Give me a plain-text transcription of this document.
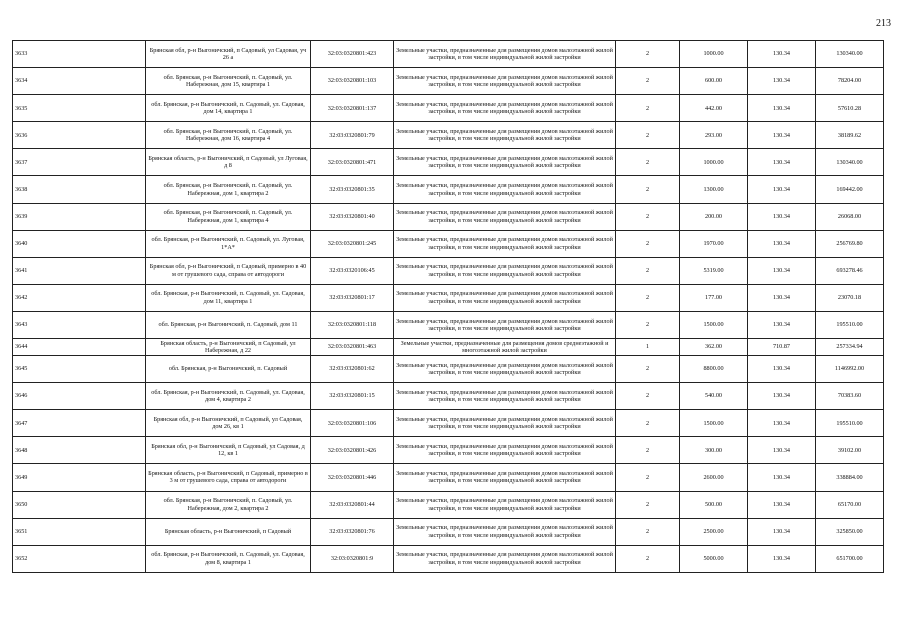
213
3633	Брянская обл, р-н Выгоничский, п Садовый, ул Садовая, уч 26 а	32:03:0320801:423	Земельные участки, предназначенные для размещения домов малоэтажной жилой застройки, в том числе индивидуальной жилой застройки	2	1000.00	130.34	130340.00
3634	обл. Брянская, р-н Выгоничский, п. Садовый, ул. Набережная, дом 15, квартира 1	32:03:0320801:103	Земельные участки, предназначенные для размещения домов малоэтажной жилой застройки, в том числе индивидуальной жилой застройки	2	600.00	130.34	78204.00
3635	обл. Брянская, р-н Выгоничский, п. Садовый, ул. Садовая, дом 14, квартира 1	32:03:0320801:137	Земельные участки, предназначенные для размещения домов малоэтажной жилой застройки, в том числе индивидуальной жилой застройки	2	442.00	130.34	57610.28
3636	обл. Брянская, р-н Выгоничский, п. Садовый, ул. Набережная, дом 16, квартира 4	32:03:0320801:79	Земельные участки, предназначенные для размещения домов малоэтажной жилой застройки, в том числе индивидуальной жилой застройки	2	293.00	130.34	38189.62
3637	Брянская область, р-н Выгоничский, п Садовый, ул Луговая, д 8	32:03:0320801:471	Земельные участки, предназначенные для размещения домов малоэтажной жилой застройки, в том числе индивидуальной жилой застройки	2	1000.00	130.34	130340.00
3638	обл. Брянская, р-н Выгоничский, п. Садовый, ул. Набережная, дом 1, квартира 2	32:03:0320801:35	Земельные участки, предназначенные для размещения домов малоэтажной жилой застройки, в том числе индивидуальной жилой застройки	2	1300.00	130.34	169442.00
3639	обл. Брянская, р-н Выгоничский, п. Садовый, ул. Набережная, дом 1, квартира 4	32:03:0320801:40	Земельные участки, предназначенные для размещения домов малоэтажной жилой застройки, в том числе индивидуальной жилой застройки	2	200.00	130.34	26068.00
3640	обл. Брянская, р-н Выгоничский, п. Садовый, ул. Луговая, 1*А*	32:03:0320801:245	Земельные участки, предназначенные для размещения домов малоэтажной жилой застройки, в том числе индивидуальной жилой застройки	2	1970.00	130.34	256769.80
3641	Брянская обл, р-н Выгоничский, п Садовый, примерно в 40 м от грушевого сада, справа от автодороги	32:03:0320106:45	Земельные участки, предназначенные для размещения домов малоэтажной жилой застройки, в том числе индивидуальной жилой застройки	2	5319.00	130.34	693278.46
3642	обл. Брянская, р-н Выгоничский, п. Садовый, ул. Садовая, дом 11, квартира 1	32:03:0320801:17	Земельные участки, предназначенные для размещения домов малоэтажной жилой застройки, в том числе индивидуальной жилой застройки	2	177.00	130.34	23070.18
3643	обл. Брянская, р-н Выгоничский, п. Садовый, дом 11	32:03:0320801:118	Земельные участки, предназначенные для размещения домов малоэтажной жилой застройки, в том числе индивидуальной жилой застройки	2	1500.00	130.34	195510.00
3644	Брянская область, р-н Выгоничский, п Садовый, ул Набережная, д 22	32:03:0320801:463	Земельные участки, предназначенные для размещения домов среднеэтажной и многоэтажной жилой застройки	1	362.00	710.87	257334.94
3645	обл. Брянская, р-н Выгоничский, п. Садовый	32:03:0320801:62	Земельные участки, предназначенные для размещения домов малоэтажной жилой застройки, в том числе индивидуальной жилой застройки	2	8800.00	130.34	1146992.00
3646	обл. Брянская, р-н Выгоничский, п. Садовый, ул. Садовая, дом 4, квартира 2	32:03:0320801:15	Земельные участки, предназначенные для размещения домов малоэтажной жилой застройки, в том числе индивидуальной жилой застройки	2	540.00	130.34	70383.60
3647	Брянская обл, р-н Выгоничский, п Садовый, ул Садовая, дом 26, кв 1	32:03:0320801:106	Земельные участки, предназначенные для размещения домов малоэтажной жилой застройки, в том числе индивидуальной жилой застройки	2	1500.00	130.34	195510.00
3648	Брянская обл, р-н Выгоничский, п Садовый, ул Садовая, д 12, кв 1	32:03:0320801:426	Земельные участки, предназначенные для размещения домов малоэтажной жилой застройки, в том числе индивидуальной жилой застройки	2	300.00	130.34	39102.00
3649	Брянская область, р-н Выгоничский, п Садовый, примерно в 3 м от грушевого сада, справа от автодороги	32:03:0320801:446	Земельные участки, предназначенные для размещения домов малоэтажной жилой застройки, в том числе индивидуальной жилой застройки	2	2600.00	130.34	338884.00
3650	обл. Брянская, р-н Выгоничский, п. Садовый, ул. Набережная, дом 2, квартира 2	32:03:0320801:44	Земельные участки, предназначенные для размещения домов малоэтажной жилой застройки, в том числе индивидуальной жилой застройки	2	500.00	130.34	65170.00
3651	Брянская область, р-н Выгоничский, п Садовый	32:03:0320801:76	Земельные участки, предназначенные для размещения домов малоэтажной жилой застройки, в том числе индивидуальной жилой застройки	2	2500.00	130.34	325850.00
3652	обл. Брянская, р-н Выгоничский, п. Садовый, ул. Садовая, дом 8, квартира 1	32:03:0320801:9	Земельные участки, предназначенные для размещения домов малоэтажной жилой застройки, в том числе индивидуальной жилой застройки	2	5000.00	130.34	651700.00
